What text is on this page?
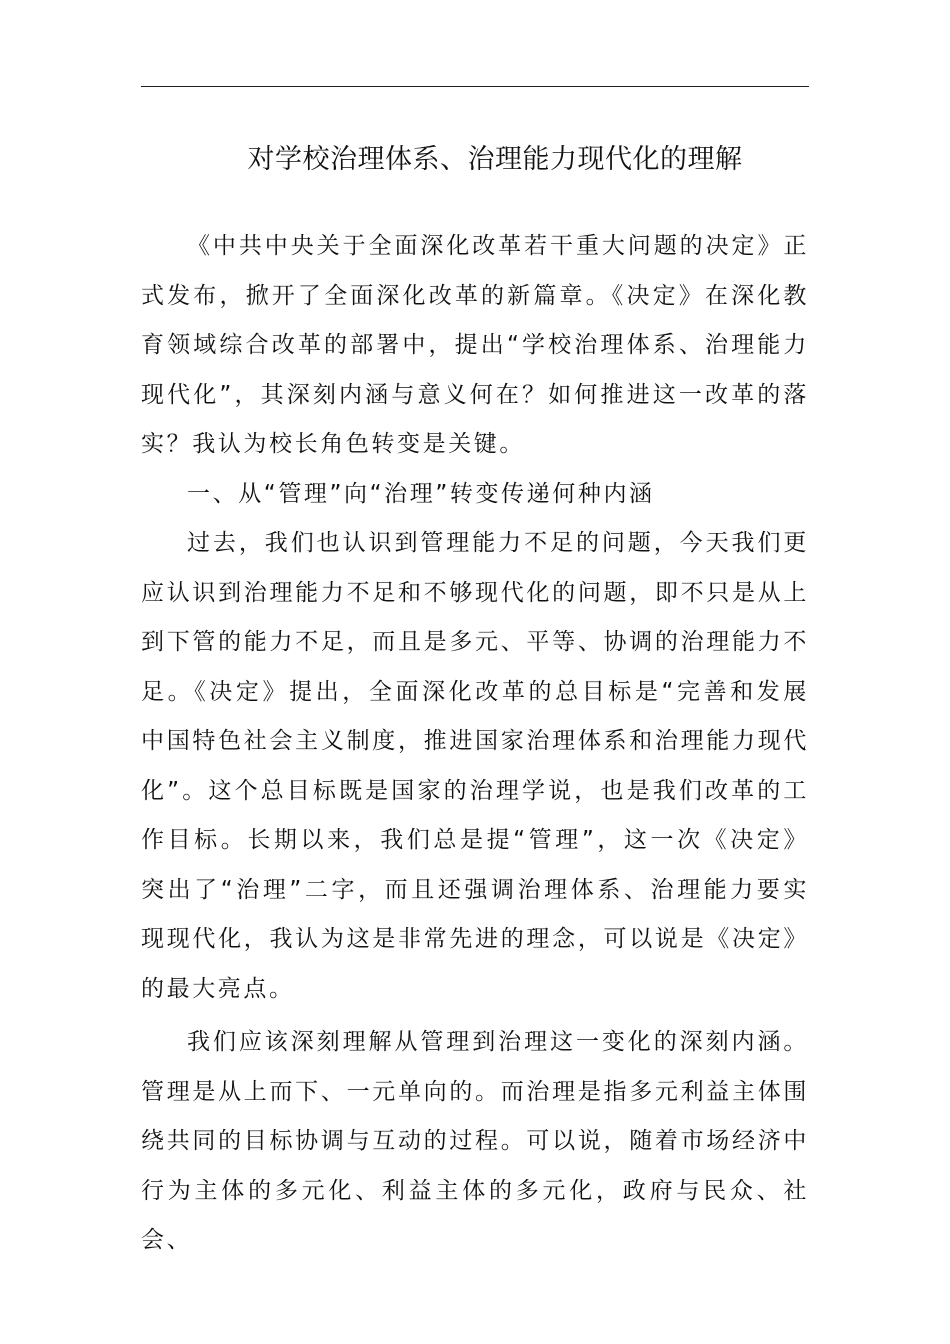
对学校治理体系、治理能力现代化的理解

《中共中央关于全面深化改革若干重大问题的决定》正式发布，掀开了全面深化改革的新篇章。《决定》在深化教育领域综合改革的部署中，提出“学校治理体系、治理能力现代化”，其深刻内涵与意义何在？如何推进这一改革的落实？我认为校长角色转变是关键。

一、从“管理”向“治理”转变传递何种内涵

过去，我们也认识到管理能力不足的问题，今天我们更应认识到治理能力不足和不够现代化的问题，即不只是从上到下管的能力不足，而且是多元、平等、协调的治理能力不足。《决定》提出，全面深化改革的总目标是“完善和发展中国特色社会主义制度，推进国家治理体系和治理能力现代化”。这个总目标既是国家的治理学说，也是我们改革的工作目标。长期以来，我们总是提“管理”，这一次《决定》突出了“治理”二字，而且还强调治理体系、治理能力要实现现代化，我认为这是非常先进的理念，可以说是《决定》的最大亮点。

我们应该深刻理解从管理到治理这一变化的深刻内涵。管理是从上而下、一元单向的。而治理是指多元利益主体围绕共同的目标协调与互动的过程。可以说，随着市场经济中行为主体的多元化、利益主体的多元化，政府与民众、社会、
